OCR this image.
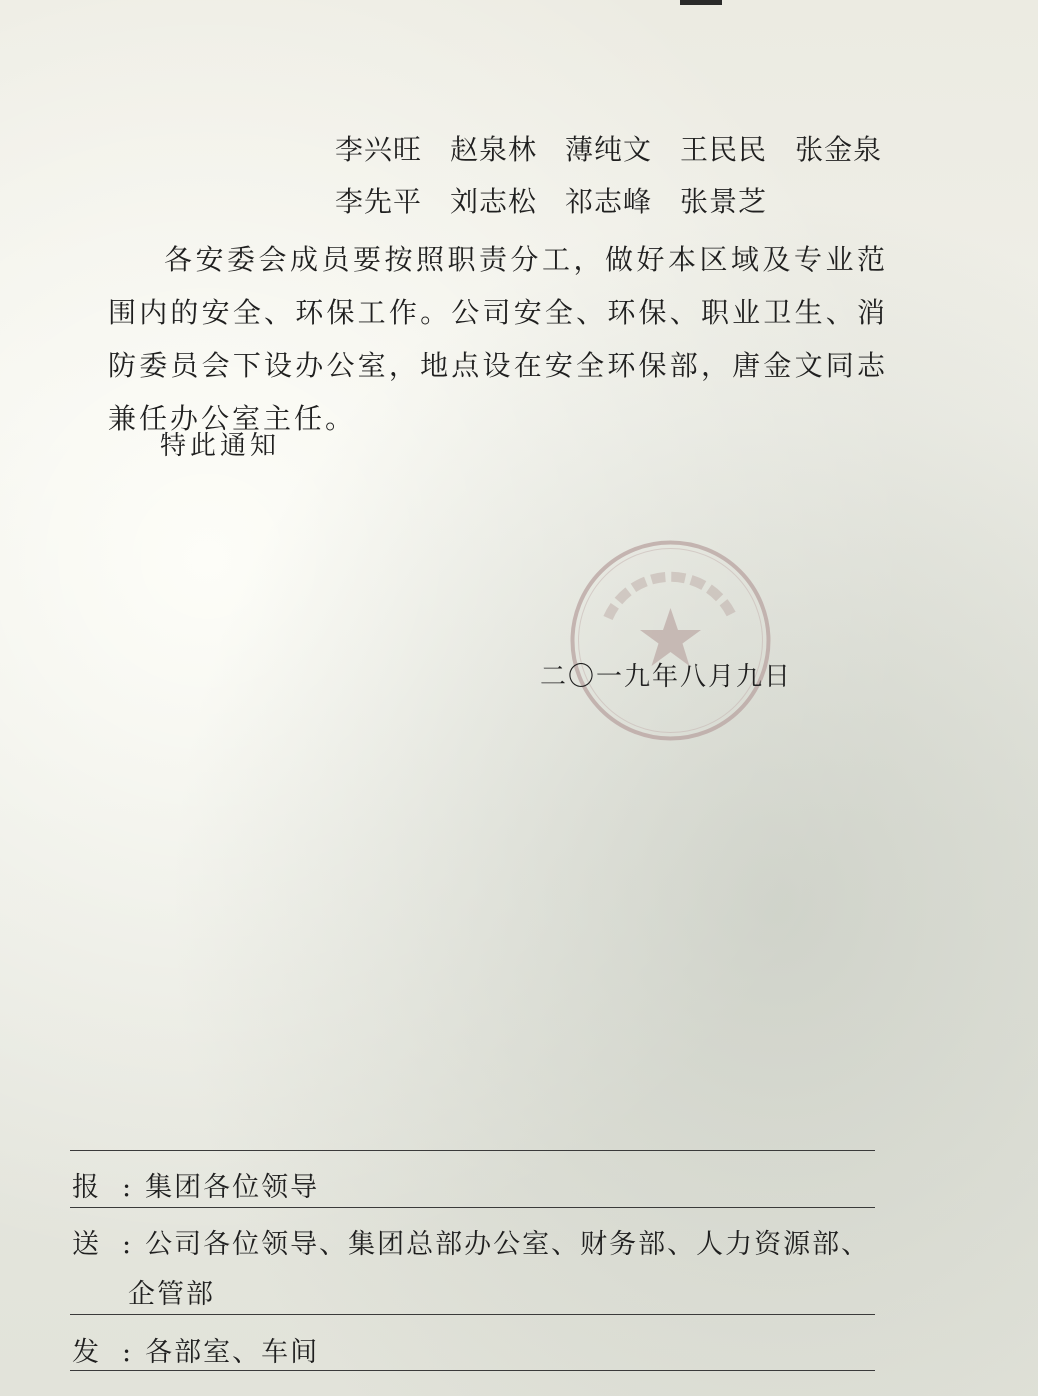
李兴旺 赵泉林 薄纯文 王民民 张金泉
李先平 刘志松 祁志峰 张景芝
各安委会成员要按照职责分工，做好本区域及专业范围内的安全、环保工作。公司安全、环保、职业卫生、消防委员会下设办公室，地点设在安全环保部，唐金文同志兼任办公室主任。
特此通知

二〇一九年八月九日
报 : 集团各位领导
送 : 公司各位领导、集团总部办公室、财务部、人力资源部、
企管部
发 : 各部室、车间
